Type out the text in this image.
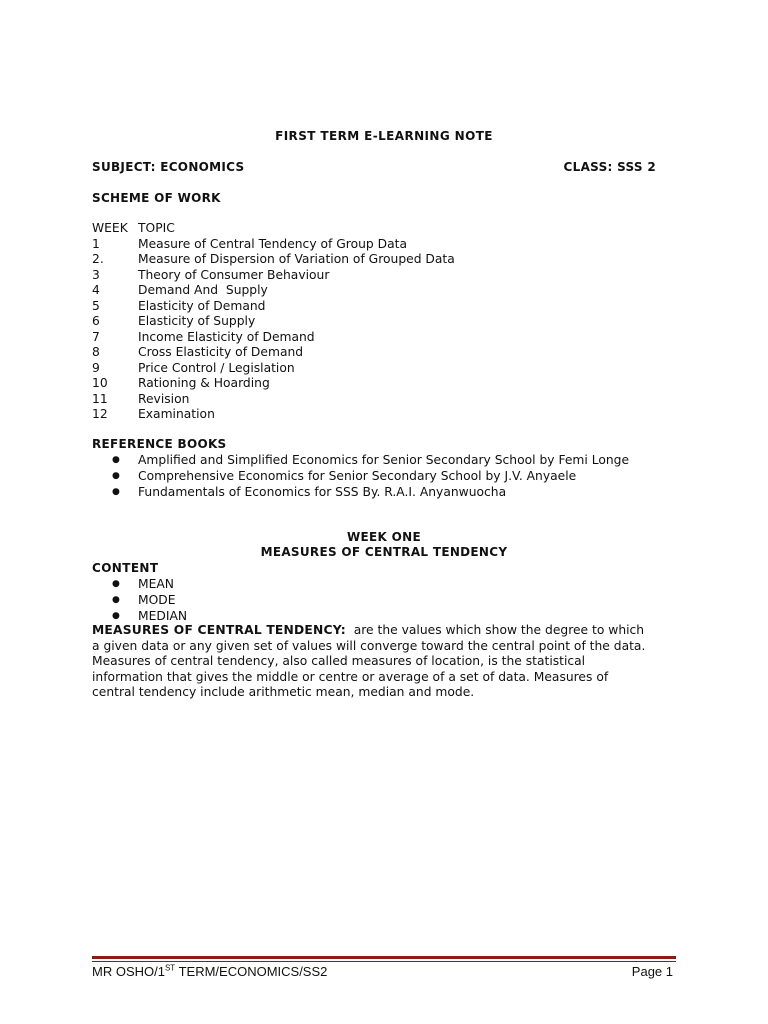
FIRST TERM E-LEARNING NOTE
SUBJECT: ECONOMICS	CLASS: SSS 2
SCHEME OF WORK
WEEK TOPIC
1	Measure of Central Tendency of Group Data
2.	Measure of Dispersion of Variation of Grouped Data
3	Theory of Consumer Behaviour
4	Demand And  Supply
5	Elasticity of Demand
6	Elasticity of Supply
7	Income Elasticity of Demand
8	Cross Elasticity of Demand
9	Price Control / Legislation
10 Rationing & Hoarding
11 Revision
12 Examination
REFERENCE BOOKS
● Amplified and Simplified Economics for Senior Secondary School by Femi Longe
● Comprehensive Economics for Senior Secondary School by J.V. Anyaele
● Fundamentals of Economics for SSS By. R.A.I. Anyanwuocha
WEEK ONE
MEASURES OF CENTRAL TENDENCY
CONTENT
● MEAN
● MODE
● MEDIAN
MEASURES OF CENTRAL TENDENCY:  are the values which show the degree to which a given data or any given set of values will converge toward the central point of the data. Measures of central tendency, also called measures of location, is the statistical information that gives the middle or centre or average of a set of data. Measures of central tendency include arithmetic mean, median and mode.
MR OSHO/1ST TERM/ECONOMICS/SS2	Page 1
